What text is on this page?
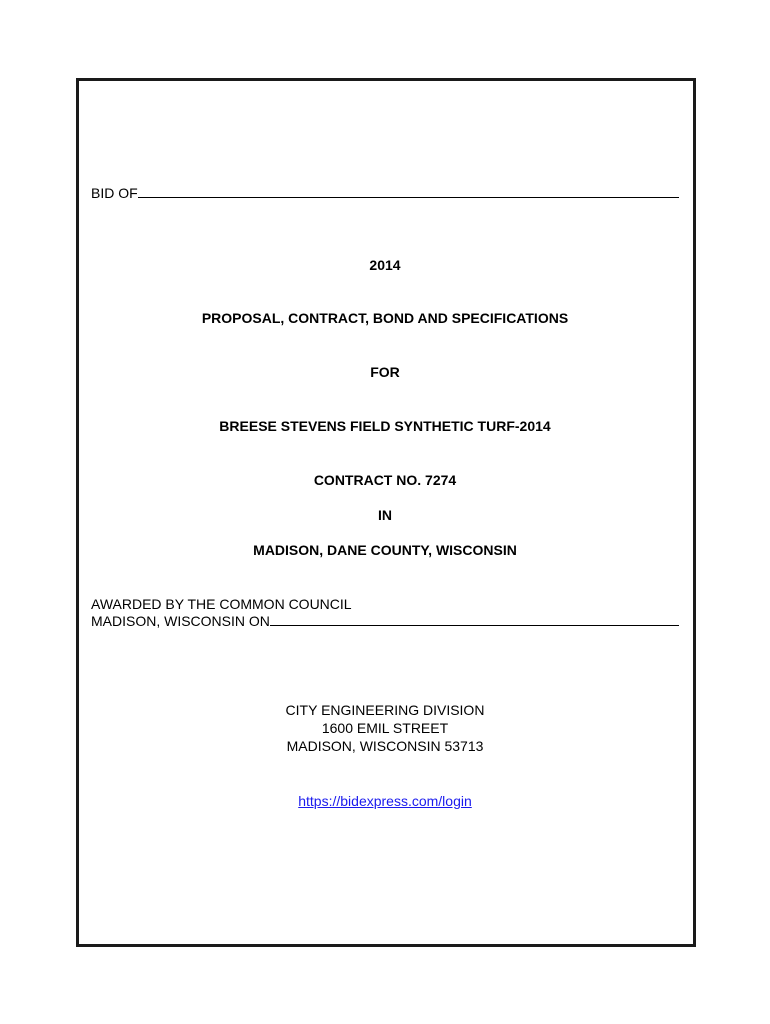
BID OF
2014
PROPOSAL, CONTRACT, BOND AND SPECIFICATIONS
FOR
BREESE STEVENS FIELD SYNTHETIC TURF-2014
CONTRACT NO. 7274
IN
MADISON, DANE COUNTY, WISCONSIN
AWARDED BY THE COMMON COUNCIL
MADISON, WISCONSIN ON
CITY ENGINEERING DIVISION
1600 EMIL STREET
MADISON, WISCONSIN 53713
https://bidexpress.com/login
